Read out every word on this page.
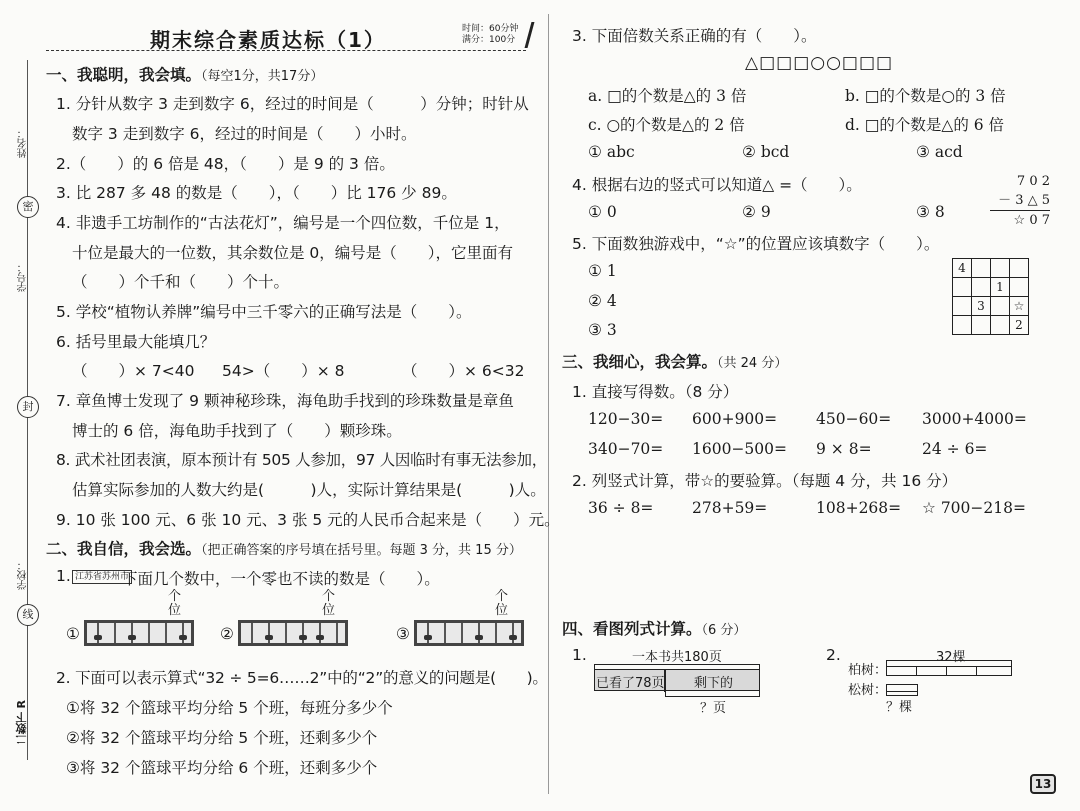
姓名：
密
学号：
封
学校：
线
二数下 R
期末综合素质达标（1）	时间：60分钟
满分：100分
一、我聪明，我会填。（每空1分，共17分）
1. 分针从数字 3 走到数字 6，经过的时间是（　　　）分钟；时针从
数字 3 走到数字 6，经过的时间是（　　）小时。
2.（　　）的 6 倍是 48，（　　）是 9 的 3 倍。
3. 比 287 多 48 的数是（　　），（　　）比 176 少 89。
4. 非遗手工坊制作的“古法花灯”，编号是一个四位数，千位是 1，
十位是最大的一位数，其余数位是 0，编号是（　　），它里面有
（　　）个千和（　　）个十。
5. 学校“植物认养牌”编号中三千零六的正确写法是（　　）。
6. 括号里最大能填几？
（　　）× 7<40 54>（　　）× 8	（　　）× 6<32
7. 章鱼博士发现了 9 颗神秘珍珠，海龟助手找到的珍珠数量是章鱼
博士的 6 倍，海龟助手找到了（　　）颗珍珠。
8. 武术社团表演，原本预计有 505 人参加，97 人因临时有事无法参加，
估算实际参加的人数大约是(　　　)人，实际计算结果是(　　　)人。
9. 10 张 100 元、6 张 10 元、3 张 5 元的人民币合起来是（　　）元。
二、我自信，我会选。（把正确答案的序号填在括号里。每题 3 分，共 15 分）
1. 江苏省苏州市
下面几个数中，一个零也不读的数是（　　）。
个
位
个
位
个
位
①	②	③
2. 下面可以表示算式“32 ÷ 5=6……2”中的“2”的意义的问题是(　　)。
①将 32 个篮球平均分给 5 个班，每班分多少个
②将 32 个篮球平均分给 5 个班，还剩多少个
③将 32 个篮球平均分给 6 个班，还剩多少个
3. 下面倍数关系正确的有（　　）。
△□□□○○□□□
a. □的个数是△的 3 倍	b. □的个数是○的 3 倍
c. ○的个数是△的 2 倍	d. □的个数是△的 6 倍
① abc	② bcd	③ acd
4. 根据右边的竖式可以知道△ =（　　）。
① 0	② 9	③ 8
7 0 2
－ 3 △ 5
☆ 0 7
5. 下面数独游戏中，“☆”的位置应该填数字（　　）。
① 1
② 4
③ 3
4			
		1	
	3		☆
			2
三、我细心，我会算。（共 24 分）
1. 直接写得数。（8 分）
120−30= 600+900=	450−60= 3000+4000=
340−70= 1600−500= 9 × 8=	24 ÷ 6=
2. 列竖式计算，带☆的要验算。（每题 4 分，共 16 分）
36 ÷ 8= 278+59=	108+268= ☆ 700−218=
四、看图列式计算。（6 分）
1.	一本书共180页
已看了78页 剩下的
？页
2.	32棵
柏树：
松树：
？棵
13
